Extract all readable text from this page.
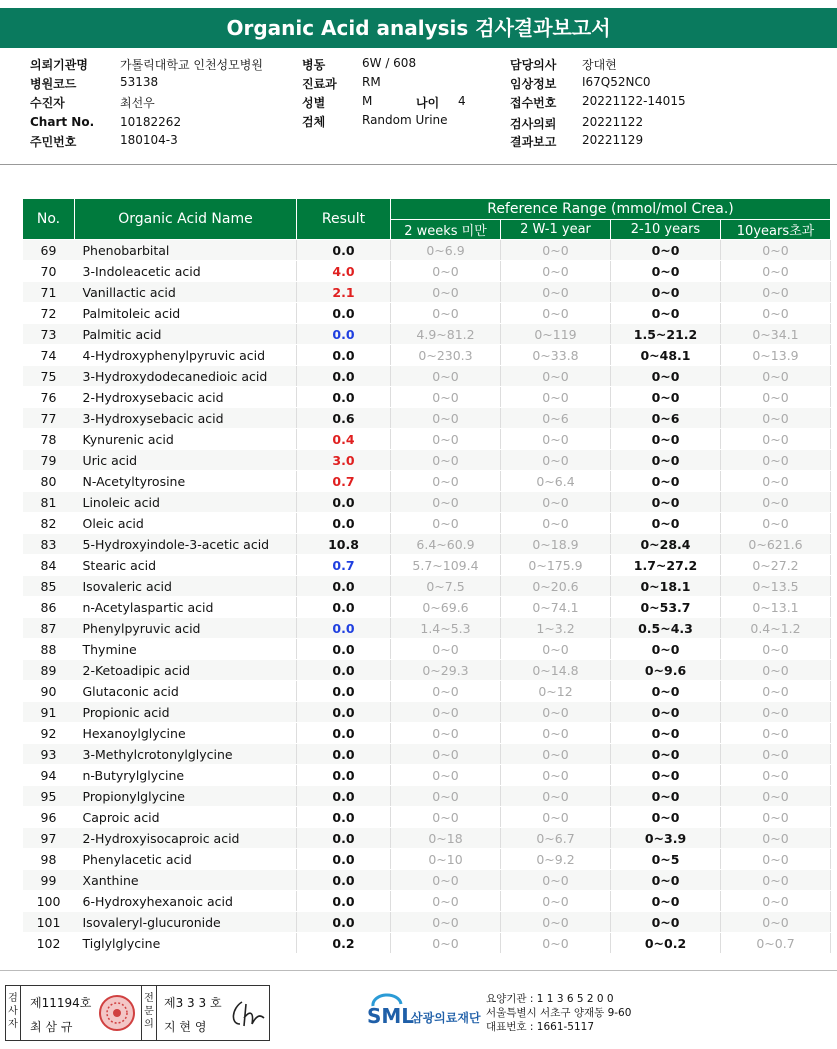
Organic Acid analysis 검사결과보고서
의뢰기관명	가톨릭대학교 인천성모병원
병원코드	53138
수진자	최선우
Chart No. 10182262
주민번호	180104-3
병동	6W / 608
진료과 RM
성별	M	나이 4
검체	Random Urine
담당의사 장대현
임상정보 I67Q52NC0
접수번호 20221122-14015
검사의뢰 20221122
결과보고 20221129
No.	Organic Acid Name	Result	Reference Range (mmol/mol Crea.)			
			2 weeks 미만	2 W-1 year	2-10 years	10years초과
69	Phenobarbital	0.0	0~6.9	0~0	0~0	0~0
70	3-Indoleacetic acid	4.0	0~0	0~0	0~0	0~0
71	Vanillactic acid	2.1	0~0	0~0	0~0	0~0
72	Palmitoleic acid	0.0	0~0	0~0	0~0	0~0
73	Palmitic acid	0.0	4.9~81.2	0~119	1.5~21.2	0~34.1
74	4-Hydroxyphenylpyruvic acid	0.0	0~230.3	0~33.8	0~48.1	0~13.9
75	3-Hydroxydodecanedioic acid	0.0	0~0	0~0	0~0	0~0
76	2-Hydroxysebacic acid	0.0	0~0	0~0	0~0	0~0
77	3-Hydroxysebacic acid	0.6	0~0	0~6	0~6	0~0
78	Kynurenic acid	0.4	0~0	0~0	0~0	0~0
79	Uric acid	3.0	0~0	0~0	0~0	0~0
80	N-Acetyltyrosine	0.7	0~0	0~6.4	0~0	0~0
81	Linoleic acid	0.0	0~0	0~0	0~0	0~0
82	Oleic acid	0.0	0~0	0~0	0~0	0~0
83	5-Hydroxyindole-3-acetic acid	10.8	6.4~60.9	0~18.9	0~28.4	0~621.6
84	Stearic acid	0.7	5.7~109.4	0~175.9	1.7~27.2	0~27.2
85	Isovaleric acid	0.0	0~7.5	0~20.6	0~18.1	0~13.5
86	n-Acetylaspartic acid	0.0	0~69.6	0~74.1	0~53.7	0~13.1
87	Phenylpyruvic acid	0.0	1.4~5.3	1~3.2	0.5~4.3	0.4~1.2
88	Thymine	0.0	0~0	0~0	0~0	0~0
89	2-Ketoadipic acid	0.0	0~29.3	0~14.8	0~9.6	0~0
90	Glutaconic acid	0.0	0~0	0~12	0~0	0~0
91	Propionic acid	0.0	0~0	0~0	0~0	0~0
92	Hexanoylglycine	0.0	0~0	0~0	0~0	0~0
93	3-Methylcrotonylglycine	0.0	0~0	0~0	0~0	0~0
94	n-Butyrylglycine	0.0	0~0	0~0	0~0	0~0
95	Propionylglycine	0.0	0~0	0~0	0~0	0~0
96	Caproic acid	0.0	0~0	0~0	0~0	0~0
97	2-Hydroxyisocaproic acid	0.0	0~18	0~6.7	0~3.9	0~0
98	Phenylacetic acid	0.0	0~10	0~9.2	0~5	0~0
99	Xanthine	0.0	0~0	0~0	0~0	0~0
100	6-Hydroxyhexanoic acid	0.0	0~0	0~0	0~0	0~0
101	Isovaleryl-glucuronide	0.0	0~0	0~0	0~0	0~0
102	Tiglylglycine	0.2	0~0	0~0	0~0.2	0~0.7
검
사
자
제11194호
최 삼 규
전
문
의
제3 3 3 호
지 현 영	SML
삼광의료재단
요양기관 : 1 1 3 6 5 2 0 0
서울특별시 서초구 양재동 9-60
대표번호 : 1661-5117
